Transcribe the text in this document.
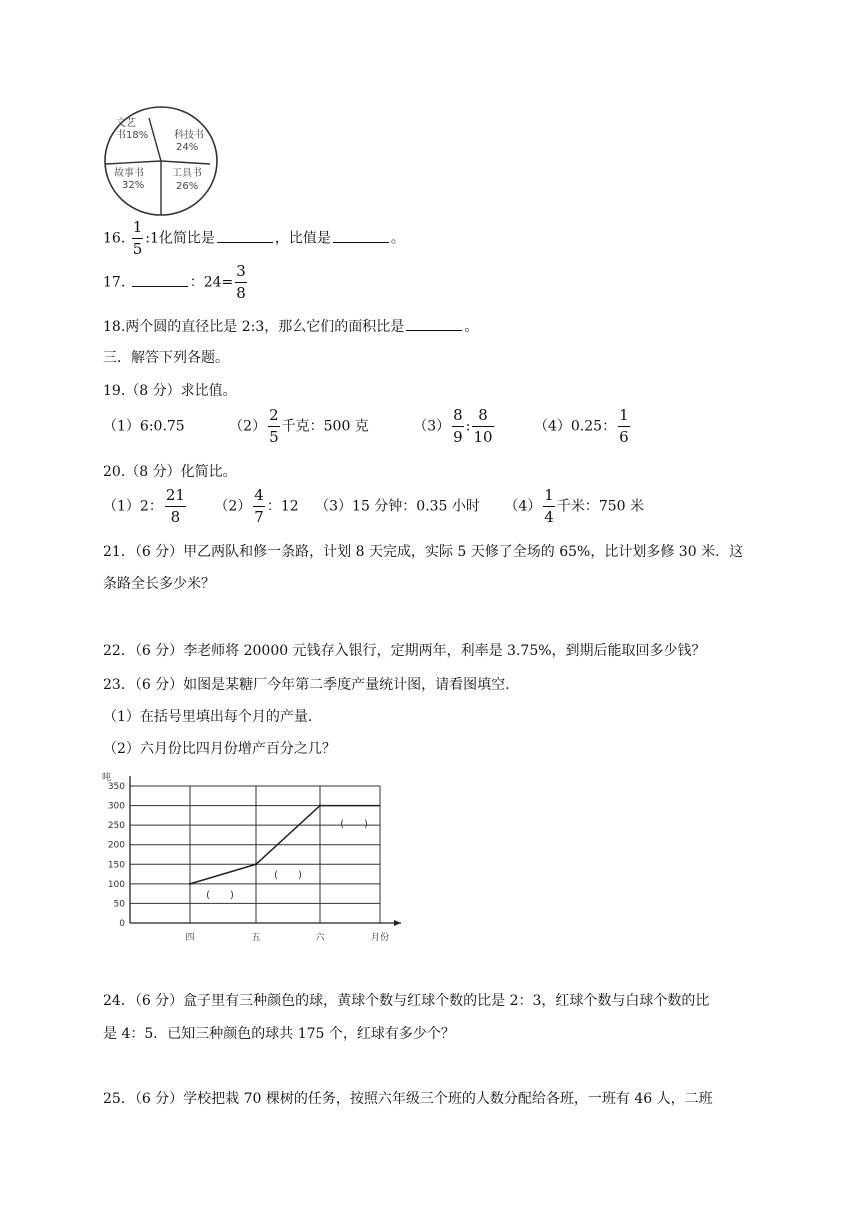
文艺
书18%	科技书
24%
故事书
32%
工具书
26%
16. $\frac{1}{5}$ :1化简比是	，比值是	。
17.	：$24= \frac{3}{8}$
18.两个圆的直径比是 2:3，那么它们的面积比是	。
三．解答下列各题。
19.（8 分）求比值。
（1）6:0.75	$(2) \frac{2}{5}$ 千克：500 克	$(3) \frac{8}{9}$ : $\frac{8}{10}$	（4）0.25： $\frac{1}{6}$
20.（8 分）化简比。
（1）2： $\frac{21}{8} (2) \frac{4}{7}$ ：12 （3）15 分钟：0.35 小时 $(4) \frac{1}{4}$ 千米：750 米
21．（6 分）甲乙两队和修一条路，计划 8 天完成，实际 5 天修了全场的 65%，比计划多修 30 米．这
条路全长多少米？
22．（6 分）李老师将 20000 元钱存入银行，定期两年，利率是 3.75%，到期后能取回多少钱？
23．（6 分）如图是某糖厂今年第二季度产量统计图，请看图填空.
（1）在括号里填出每个月的产量.
（2）六月份比四月份增产百分之几？
0
50
100
150
200
250
300
350
吨
月份
四	五	六
(　　)
(　　)
(　　)
24．（6 分）盒子里有三种颜色的球，黄球个数与红球个数的比是 2：3，红球个数与白球个数的比
是 4：5．已知三种颜色的球共 175 个，红球有多少个？
25．（6 分）学校把栽 70 棵树的任务，按照六年级三个班的人数分配给各班，一班有 46 人，二班
